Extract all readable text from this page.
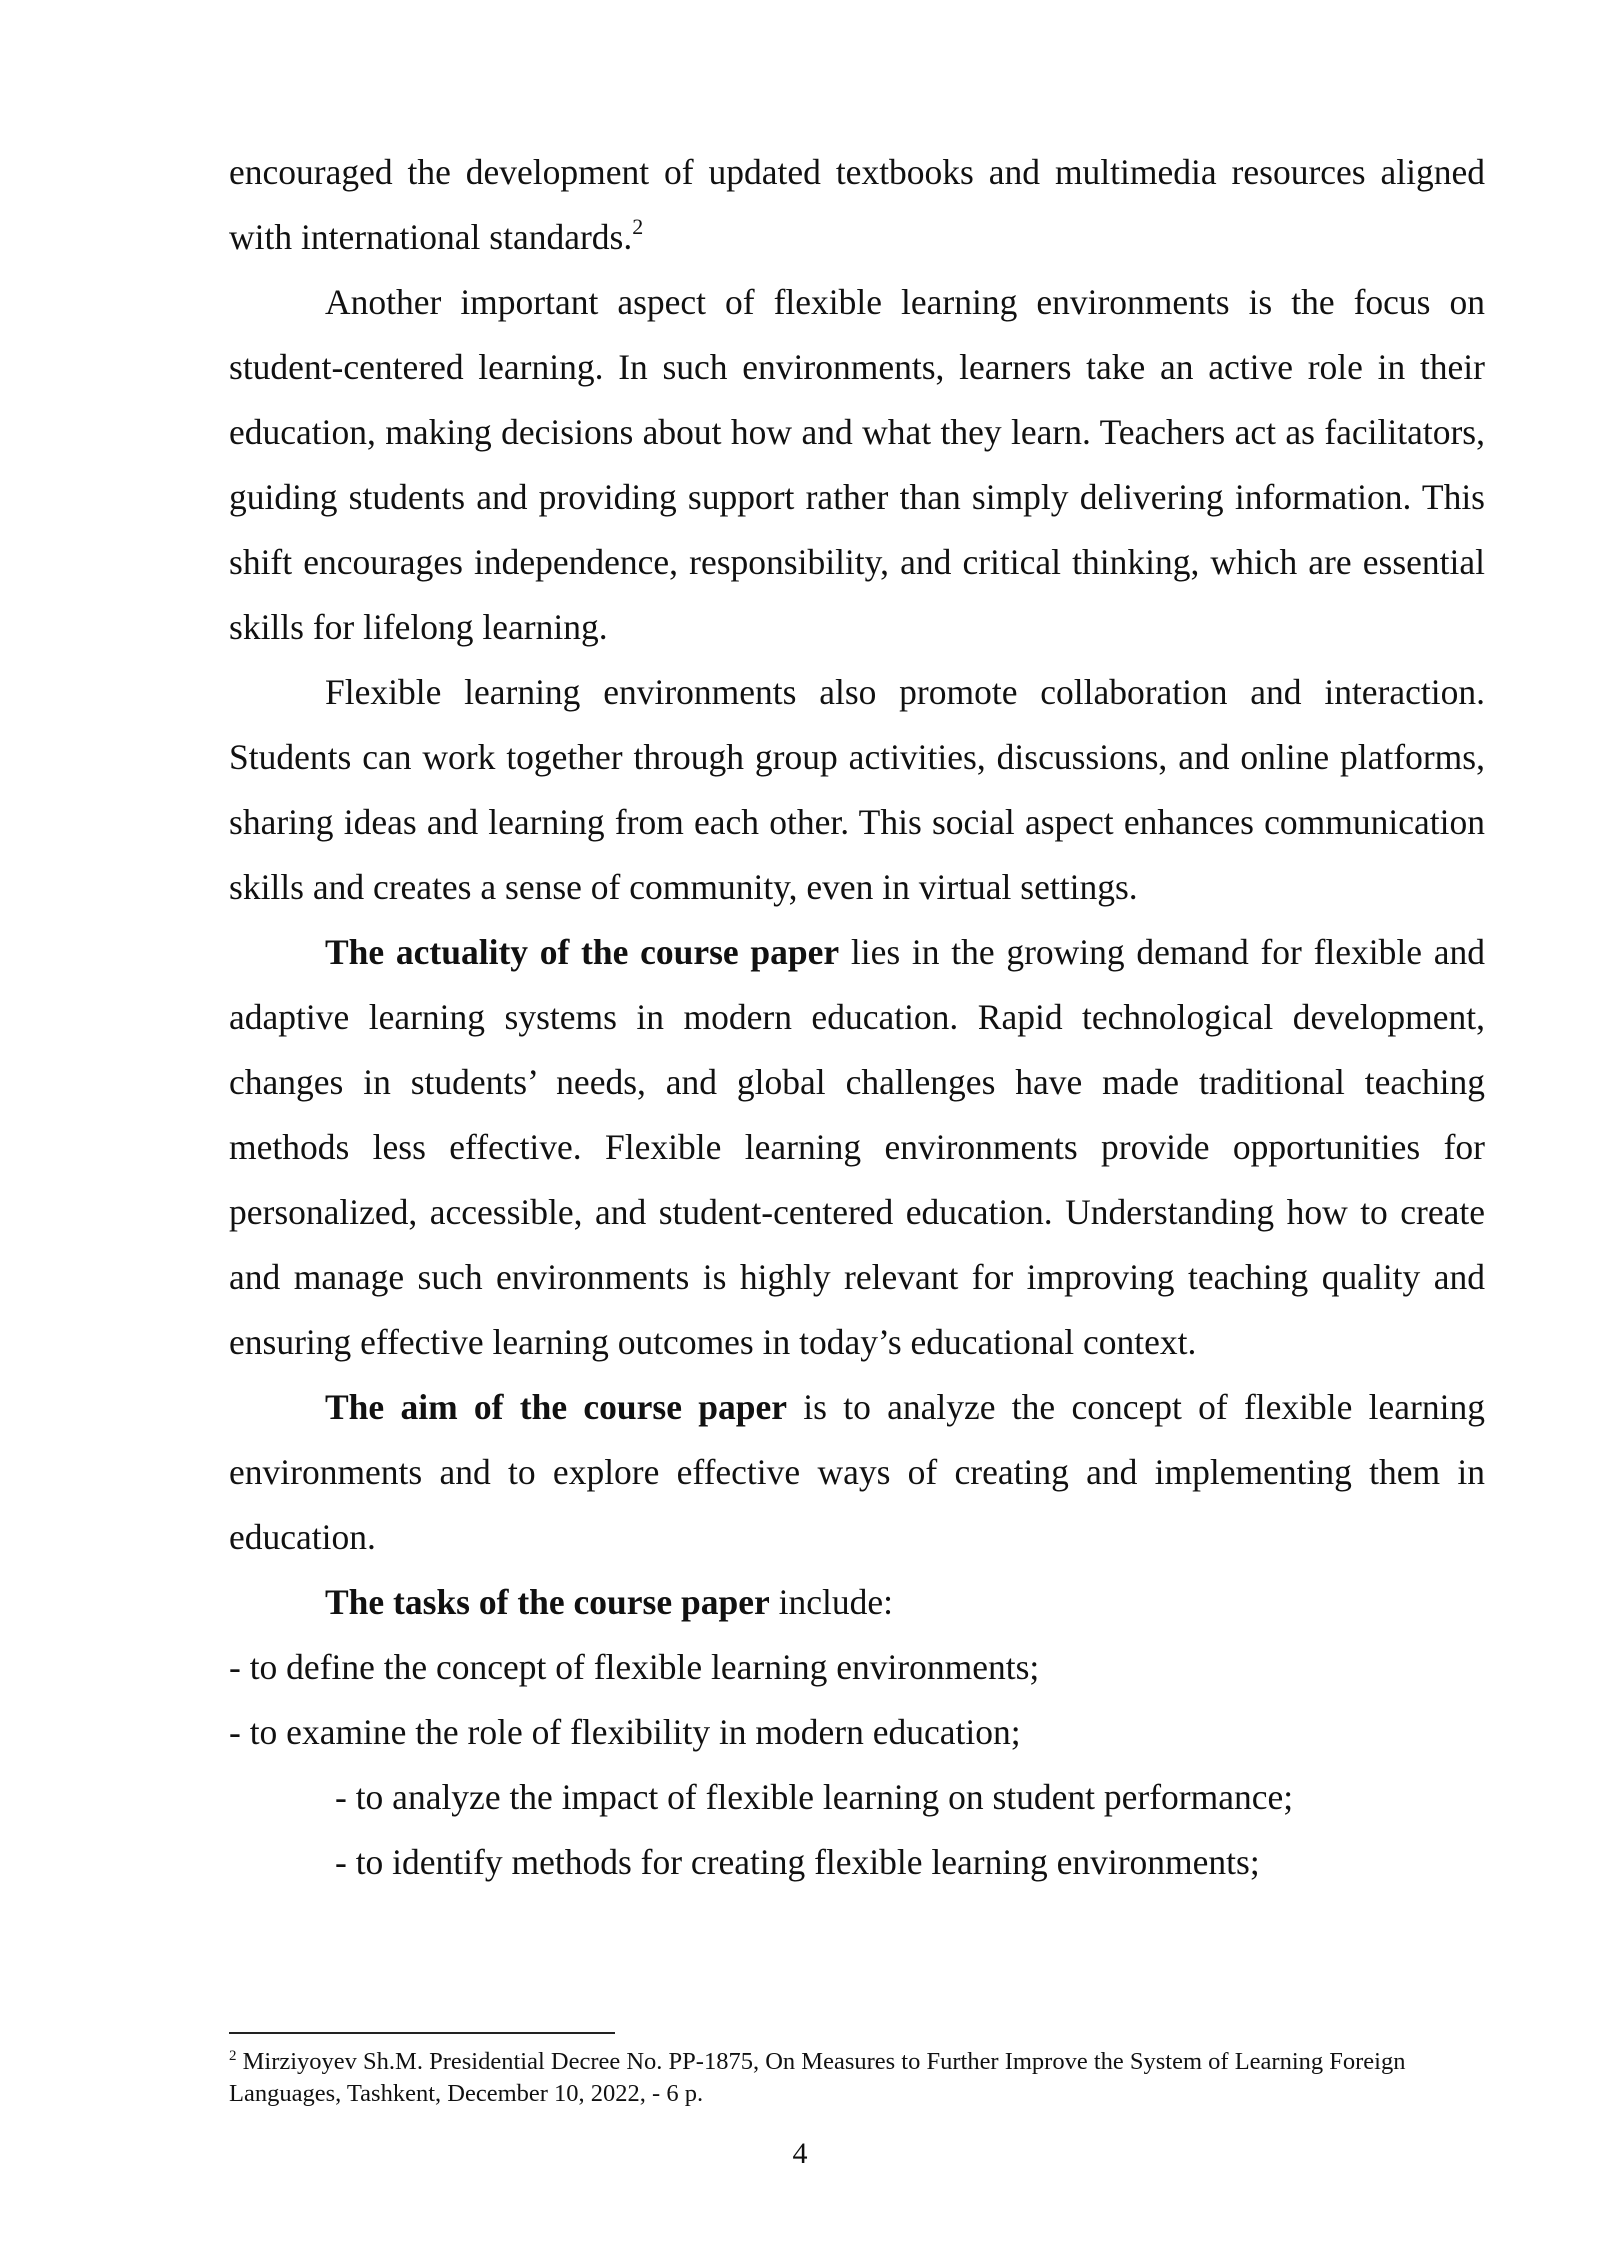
encouraged the development of updated textbooks and multimedia resources aligned with international standards.$^2$

Another important aspect of flexible learning environments is the focus on student-centered learning. In such environments, learners take an active role in their education, making decisions about how and what they learn. Teachers act as facilitators, guiding students and providing support rather than simply delivering information. This shift encourages independence, responsibility, and critical thinking, which are essential skills for lifelong learning.

Flexible learning environments also promote collaboration and interaction. Students can work together through group activities, discussions, and online platforms, sharing ideas and learning from each other. This social aspect enhances communication skills and creates a sense of community, even in virtual settings.

The actuality of the course paper lies in the growing demand for flexible and adaptive learning systems in modern education. Rapid technological development, changes in students’ needs, and global challenges have made traditional teaching methods less effective. Flexible learning environments provide opportunities for personalized, accessible, and student-centered education. Understanding how to create and manage such environments is highly relevant for improving teaching quality and ensuring effective learning outcomes in today’s educational context.

The aim of the course paper is to analyze the concept of flexible learning environments and to explore effective ways of creating and implementing them in education.

The tasks of the course paper include:

- to define the concept of flexible learning environments;

- to examine the role of flexibility in modern education;

- to analyze the impact of flexible learning on student performance;

- to identify methods for creating flexible learning environments;

$^2$ Mirziyoyev Sh.M. Presidential Decree No. PP-1875, On Measures to Further Improve the System of Learning Foreign Languages, Tashkent, December 10, 2022, - 6 p.
4
